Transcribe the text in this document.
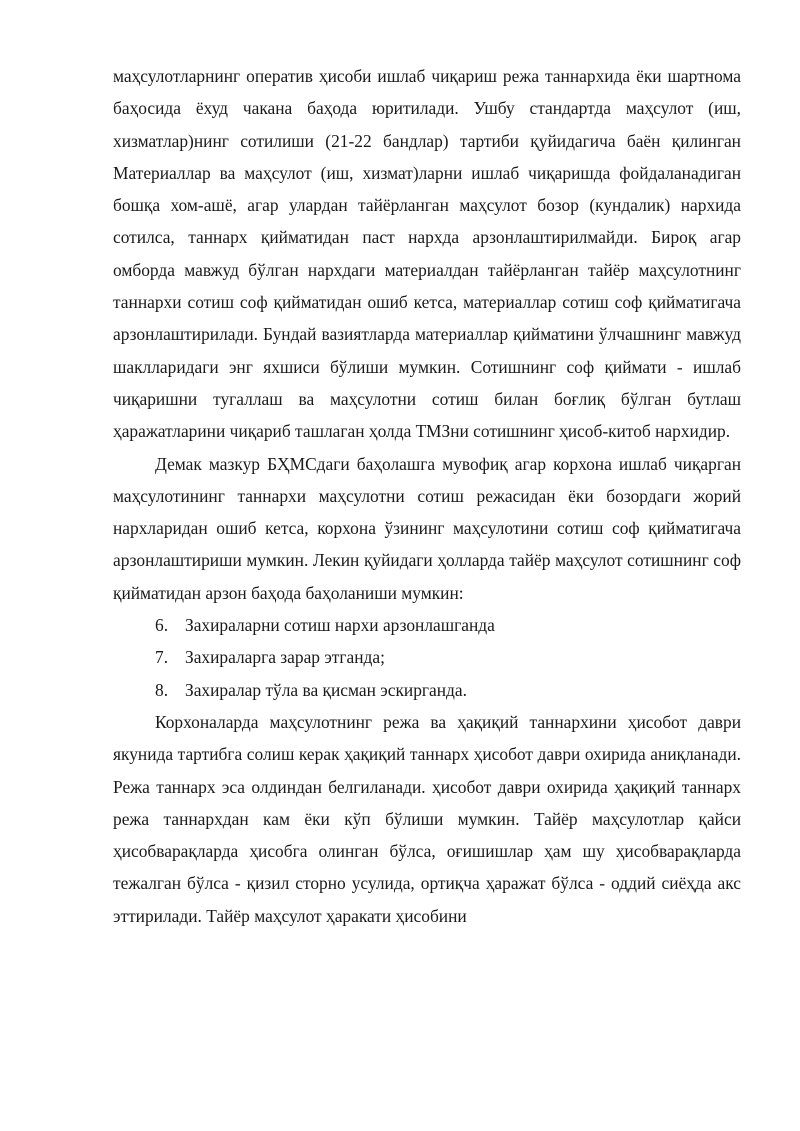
маҳсулотларнинг оператив ҳисоби ишлаб чиқариш режа таннархида ёки шартнома баҳосида ёхуд чакана баҳода юритилади. Ушбу стандартда маҳсулот (иш, хизматлар)нинг сотилиши (21-22 бандлар) тартиби қуйидагича баён қилинган Материаллар ва маҳсулот (иш, хизмат)ларни ишлаб чиқаришда фойдаланадиган бошқа хом-ашё, агар улардан тайёрланган маҳсулот бозор (кундалик) нархида сотилса, таннарх қийматидан паст нархда арзонлаштирилмайди. Бироқ агар омборда мавжуд бўлган нархдаги материалдан тайёрланган тайёр маҳсулотнинг таннархи сотиш соф қийматидан ошиб кетса, материаллар сотиш соф қийматигача арзонлаштирилади. Бундай вазиятларда материаллар қийматини ўлчашнинг мавжуд шаклларидаги энг яхшиси бўлиши мумкин. Сотишнинг соф қиймати - ишлаб чиқаришни тугаллаш ва маҳсулотни сотиш билан боғлиқ бўлган бутлаш ҳаражатларини чиқариб ташлаган ҳолда ТМЗни сотишнинг ҳисоб-китоб нархидир.

Демак мазкур БҲМСдаги баҳолашга мувофиқ агар корхона ишлаб чиқарган маҳсулотининг таннархи маҳсулотни сотиш режасидан ёки бозордаги жорий нархларидан ошиб кетса, корхона ўзининг маҳсулотини сотиш соф қийматигача арзонлаштириши мумкин. Лекин қуйидаги ҳолларда тайёр маҳсулот сотишнинг соф қийматидан арзон баҳода баҳоланиши мумкин:

6. Захираларни сотиш нархи арзонлашганда
7. Захираларга зарар этганда;
8. Захиралар тўла ва қисман эскирганда.

Корхоналарда маҳсулотнинг режа ва ҳақиқий таннархини ҳисобот даври якунида тартибга солиш керак ҳақиқий таннарх ҳисобот даври охирида аниқланади. Режа таннарх эса олдиндан белгиланади. ҳисобот даври охирида ҳақиқий таннарх режа таннархдан кам ёки кўп бўлиши мумкин. Тайёр маҳсулотлар қайси ҳисобварақларда ҳисобга олинган бўлса, оғишишлар ҳам шу ҳисобварақларда тежалган бўлса - қизил сторно усулида, ортиқча ҳаражат бўлса - оддий сиёҳда акс эттирилади. Тайёр маҳсулот ҳаракати ҳисобини
